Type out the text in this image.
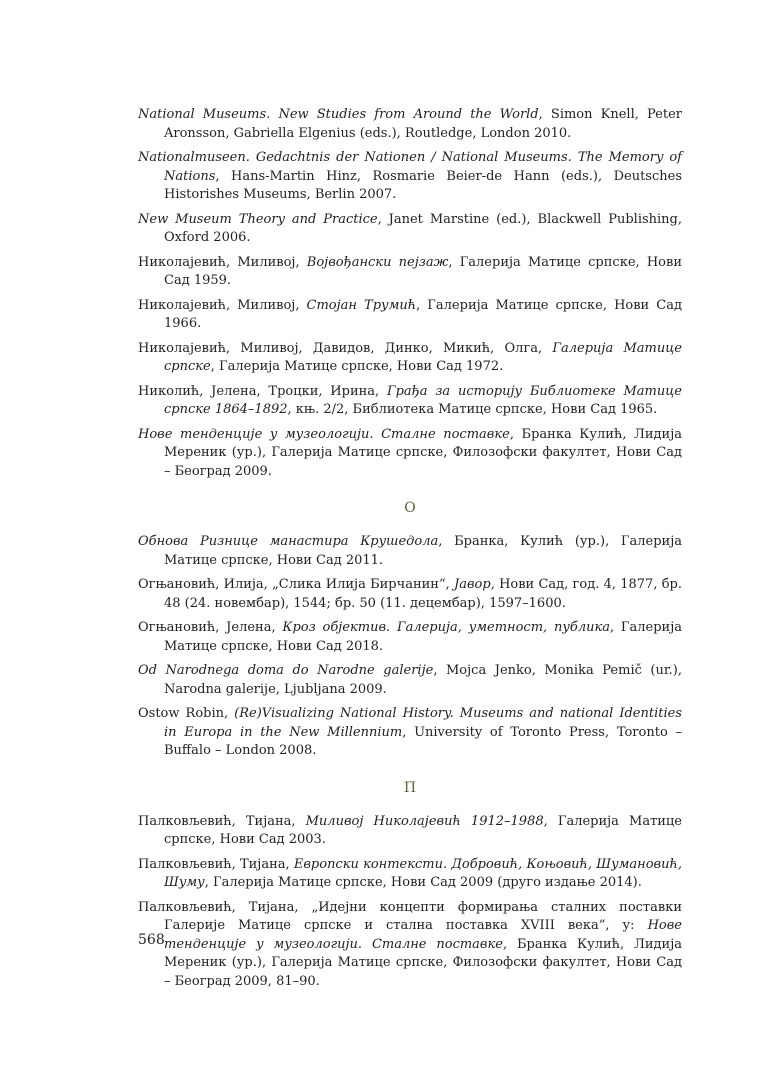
National Museums. New Studies from Around the World, Simon Knell, Peter Aronsson, Gabriella Elgenius (eds.), Routledge, London 2010.

Nationalmuseen. Gedachtnis der Nationen / National Museums. The Memory of Nations, Hans-Martin Hinz, Rosmarie Beier-de Hann (eds.), Deutsches Historishes Museums, Berlin 2007.

New Museum Theory and Practice, Janet Marstine (ed.), Blackwell Publishing, Oxford 2006.

Николајевић, Миливој, Војвођански пејзаж, Галерија Матице српске, Нови Сад 1959.

Николајевић, Миливој, Стојан Трумић, Галерија Матице српске, Нови Сад 1966.

Николајевић, Миливој, Давидов, Динко, Микић, Олга, Галерија Матице српске, Галерија Матице српске, Нови Сад 1972.

Николић, Јелена, Троцки, Ирина, Грађа за историју Библиотеке Матице српске 1864–1892, књ. 2/2, Библиотека Матице српске, Нови Сад 1965.

Нове тенденције у музеологији. Сталне поставке, Бранка Кулић, Лидија Мереник (ур.), Галерија Матице српске, Филозофски факултет, Нови Сад – Београд 2009.

О

Обнова Ризнице манастира Крушедола, Бранка, Кулић (ур.), Галерија Матице српске, Нови Сад 2011.

Огњановић, Илија, „Слика Илија Бирчанин“, Јавор, Нови Сад, год. 4, 1877, бр. 48 (24. новембар), 1544; бр. 50 (11. децембар), 1597–1600.

Огњановић, Јелена, Кроз објектив. Галерија, уметност, публика, Галерија Матице српске, Нови Сад 2018.

Od Narodnega doma do Narodne galerije, Mojca Jenko, Monika Pemič (ur.), Narodna galerije, Ljubljana 2009.

Ostow Robin, (Re)Visualizing National History. Museums and national Identities in Europa in the New Millennium, University of Toronto Press, Toronto – Buffalo – London 2008.

П

Палковљевић, Тијана, Миливој Николајевић 1912–1988, Галерија Матице српске, Нови Сад 2003.

Палковљевић, Тијана, Европски контексти. Добровић, Коњовић, Шумановић, Шуму, Галерија Матице српске, Нови Сад 2009 (друго издање 2014).

Палковљевић, Тијана, „Идејни концепти формирања сталних поставки Галерије Матице српске и стална поставка XVIII века“, у: Нове тенденције у музеологији. Сталне поставке, Бранка Кулић, Лидија Мереник (ур.), Галерија Матице српске, Филозофски факултет, Нови Сад – Београд 2009, 81–90.

568
